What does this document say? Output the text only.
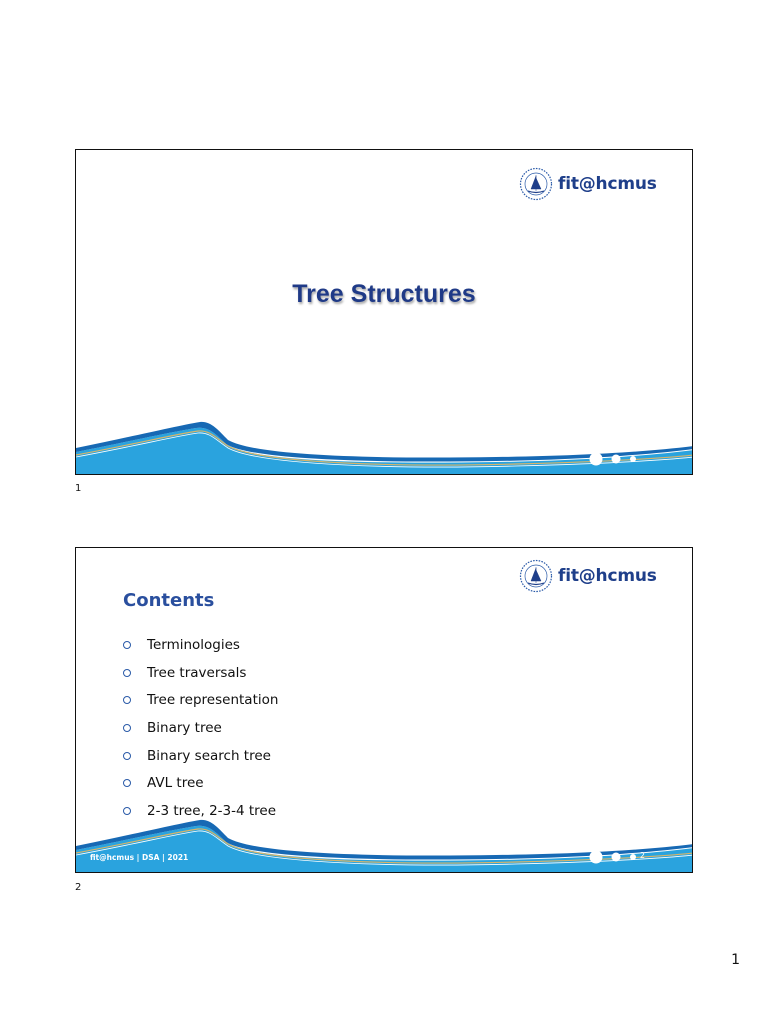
fit@hcmus
Tree Structures
1
fit@hcmus
Contents
Terminologies
Tree traversals
Tree representation
Binary tree
Binary search tree
AVL tree
2-3 tree, 2-3-4 tree
fit@hcmus | DSA | 2021	2
2
1
